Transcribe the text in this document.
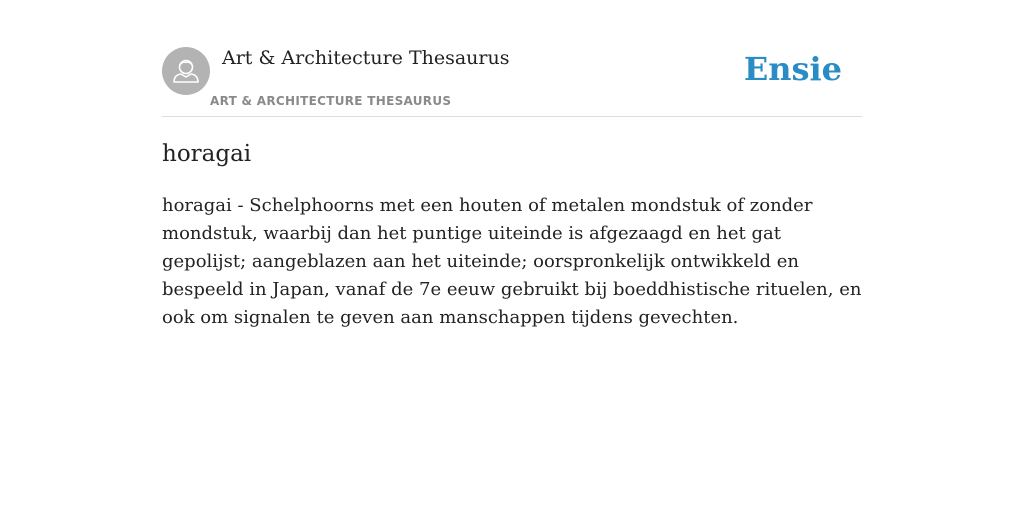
Art & Architecture Thesaurus
ART & ARCHITECTURE THESAURUS
Ensie
horagai

horagai - Schelphoorns met een houten of metalen mondstuk of zonder mondstuk, waarbij dan het puntige uiteinde is afgezaagd en het gat gepolijst; aangeblazen aan het uiteinde; oorspronkelijk ontwikkeld en bespeeld in Japan, vanaf de 7e eeuw gebruikt bij boeddhistische rituelen, en ook om signalen te geven aan manschappen tijdens gevechten.
